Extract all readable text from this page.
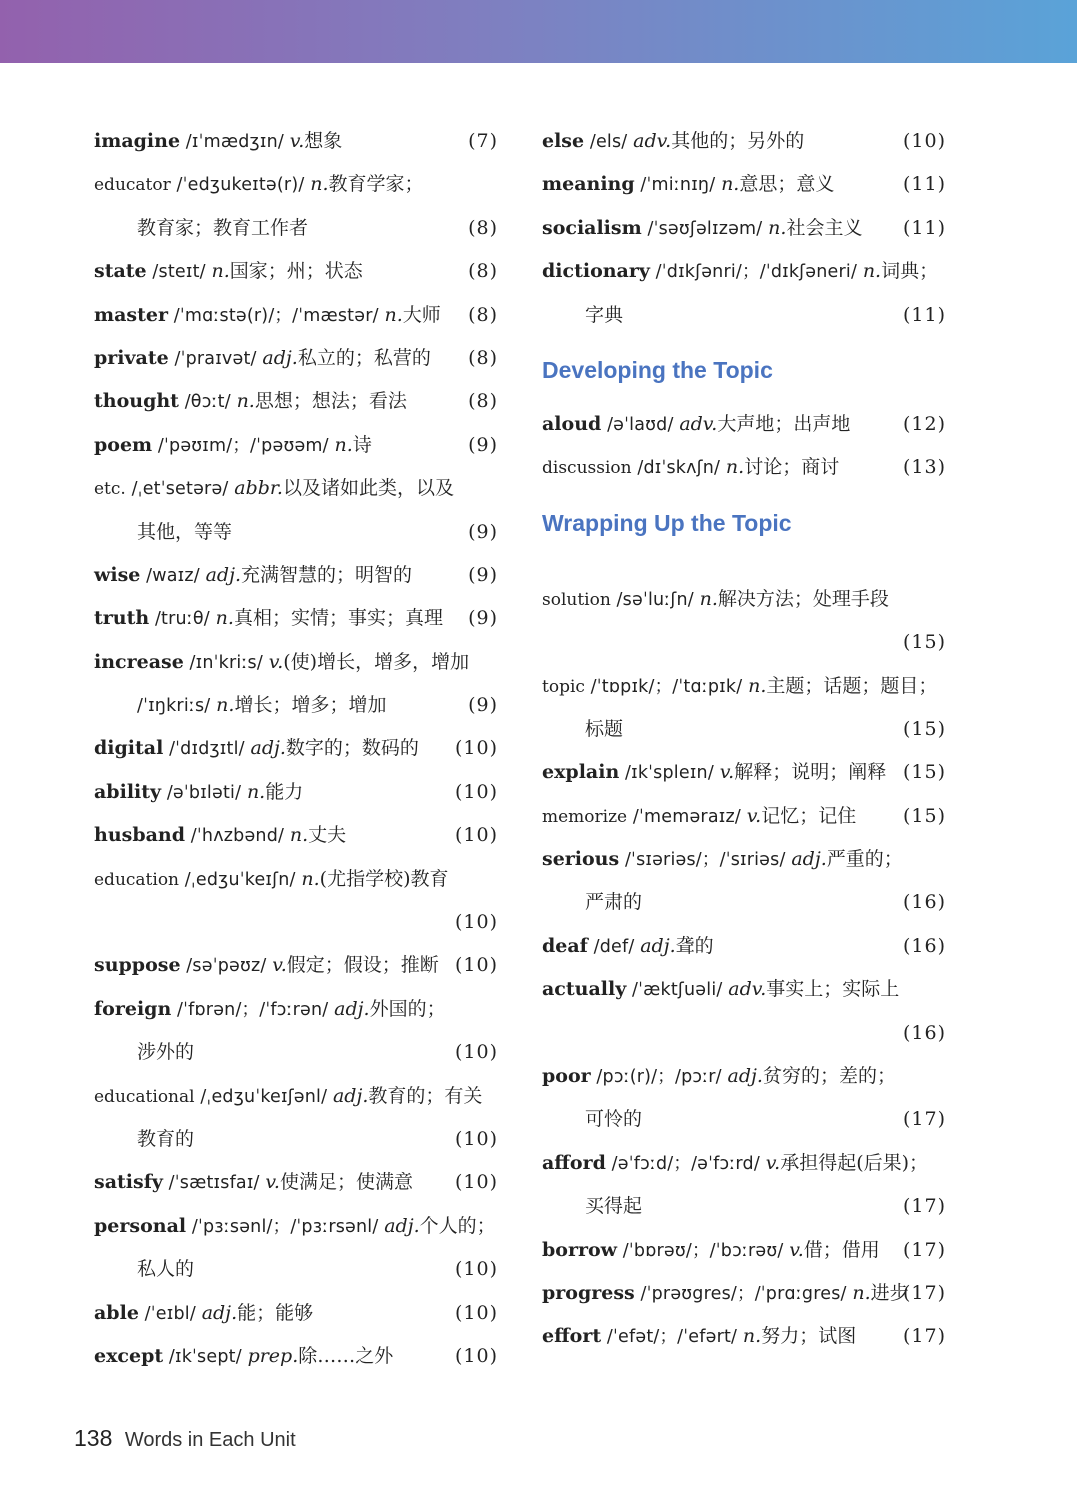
imagine /ɪˈmædʒɪn/ v.想象	(7)
educator /ˈedʒukeɪtə(r)/ n.教育学家；
教育家；教育工作者	(8)
state /steɪt/ n.国家；州；状态	(8)
master /ˈmɑːstə(r)/；/ˈmæstər/ n.大师 (8)
private /ˈpraɪvət/ adj.私立的；私营的 (8)
thought /θɔːt/ n.思想；想法；看法	(8)
poem /ˈpəʊɪm/；/ˈpəʊəm/ n.诗	(9)
etc. /ˌetˈsetərə/ abbr.以及诸如此类，以及
其他，等等	(9)
wise /waɪz/ adj.充满智慧的；明智的	(9)
truth /truːθ/ n.真相；实情；事实；真理 (9)
increase /ɪnˈkriːs/ v.(使)增长，增多，增加
/ˈɪŋkriːs/ n.增长；增多；增加	(9)
digital /ˈdɪdʒɪtl/ adj.数字的；数码的 (10)
ability /əˈbɪləti/ n.能力	(10)
husband /ˈhʌzbənd/ n.丈夫	(10)
education /ˌedʒuˈkeɪʃn/ n.(尤指学校)教育
(10)
suppose /səˈpəʊz/ v.假定；假设；推断 (10)
foreign /ˈfɒrən/；/ˈfɔːrən/ adj.外国的；
涉外的	(10)
educational /ˌedʒuˈkeɪʃənl/ adj.教育的；有关
教育的	(10)
satisfy /ˈsætɪsfaɪ/ v.使满足；使满意 (10)
personal /ˈpɜːsənl/；/ˈpɜːrsənl/ adj.个人的；
私人的	(10)
able /ˈeɪbl/ adj.能；能够	(10)
except /ɪkˈsept/ prep.除……之外	(10)
else /els/ adv.其他的；另外的	(10)
meaning /ˈmiːnɪŋ/ n.意思；意义	(11)
socialism /ˈsəʊʃəlɪzəm/ n.社会主义 (11)
dictionary /ˈdɪkʃənri/；/ˈdɪkʃəneri/ n.词典；
字典	(11)
Developing the Topic
aloud /əˈlaʊd/ adv.大声地；出声地	(12)
discussion /dɪˈskʌʃn/ n.讨论；商讨	(13)
Wrapping Up the Topic
solution /səˈluːʃn/ n.解决方法；处理手段
(15)
topic /ˈtɒpɪk/；/ˈtɑːpɪk/ n.主题；话题；题目；
标题	(15)
explain /ɪkˈspleɪn/ v.解释；说明；阐释 (15)
memorize /ˈmeməraɪz/ v.记忆；记住 (15)
serious /ˈsɪəriəs/；/ˈsɪriəs/ adj.严重的；
严肃的	(16)
deaf /def/ adj.聋的	(16)
actually /ˈæktʃuəli/ adv.事实上；实际上
(16)
poor /pɔː(r)/；/pɔːr/ adj.贫穷的；差的；
可怜的	(17)
afford /əˈfɔːd/；/əˈfɔːrd/ v.承担得起(后果)；
买得起	(17)
borrow /ˈbɒrəʊ/；/ˈbɔːrəʊ/ v.借；借用 (17)
progress /ˈprəʊgres/；/ˈprɑːgres/ n.进步
(17)
effort /ˈefət/；/ˈefərt/ n.努力；试图 (17)
138 Words in Each Unit
